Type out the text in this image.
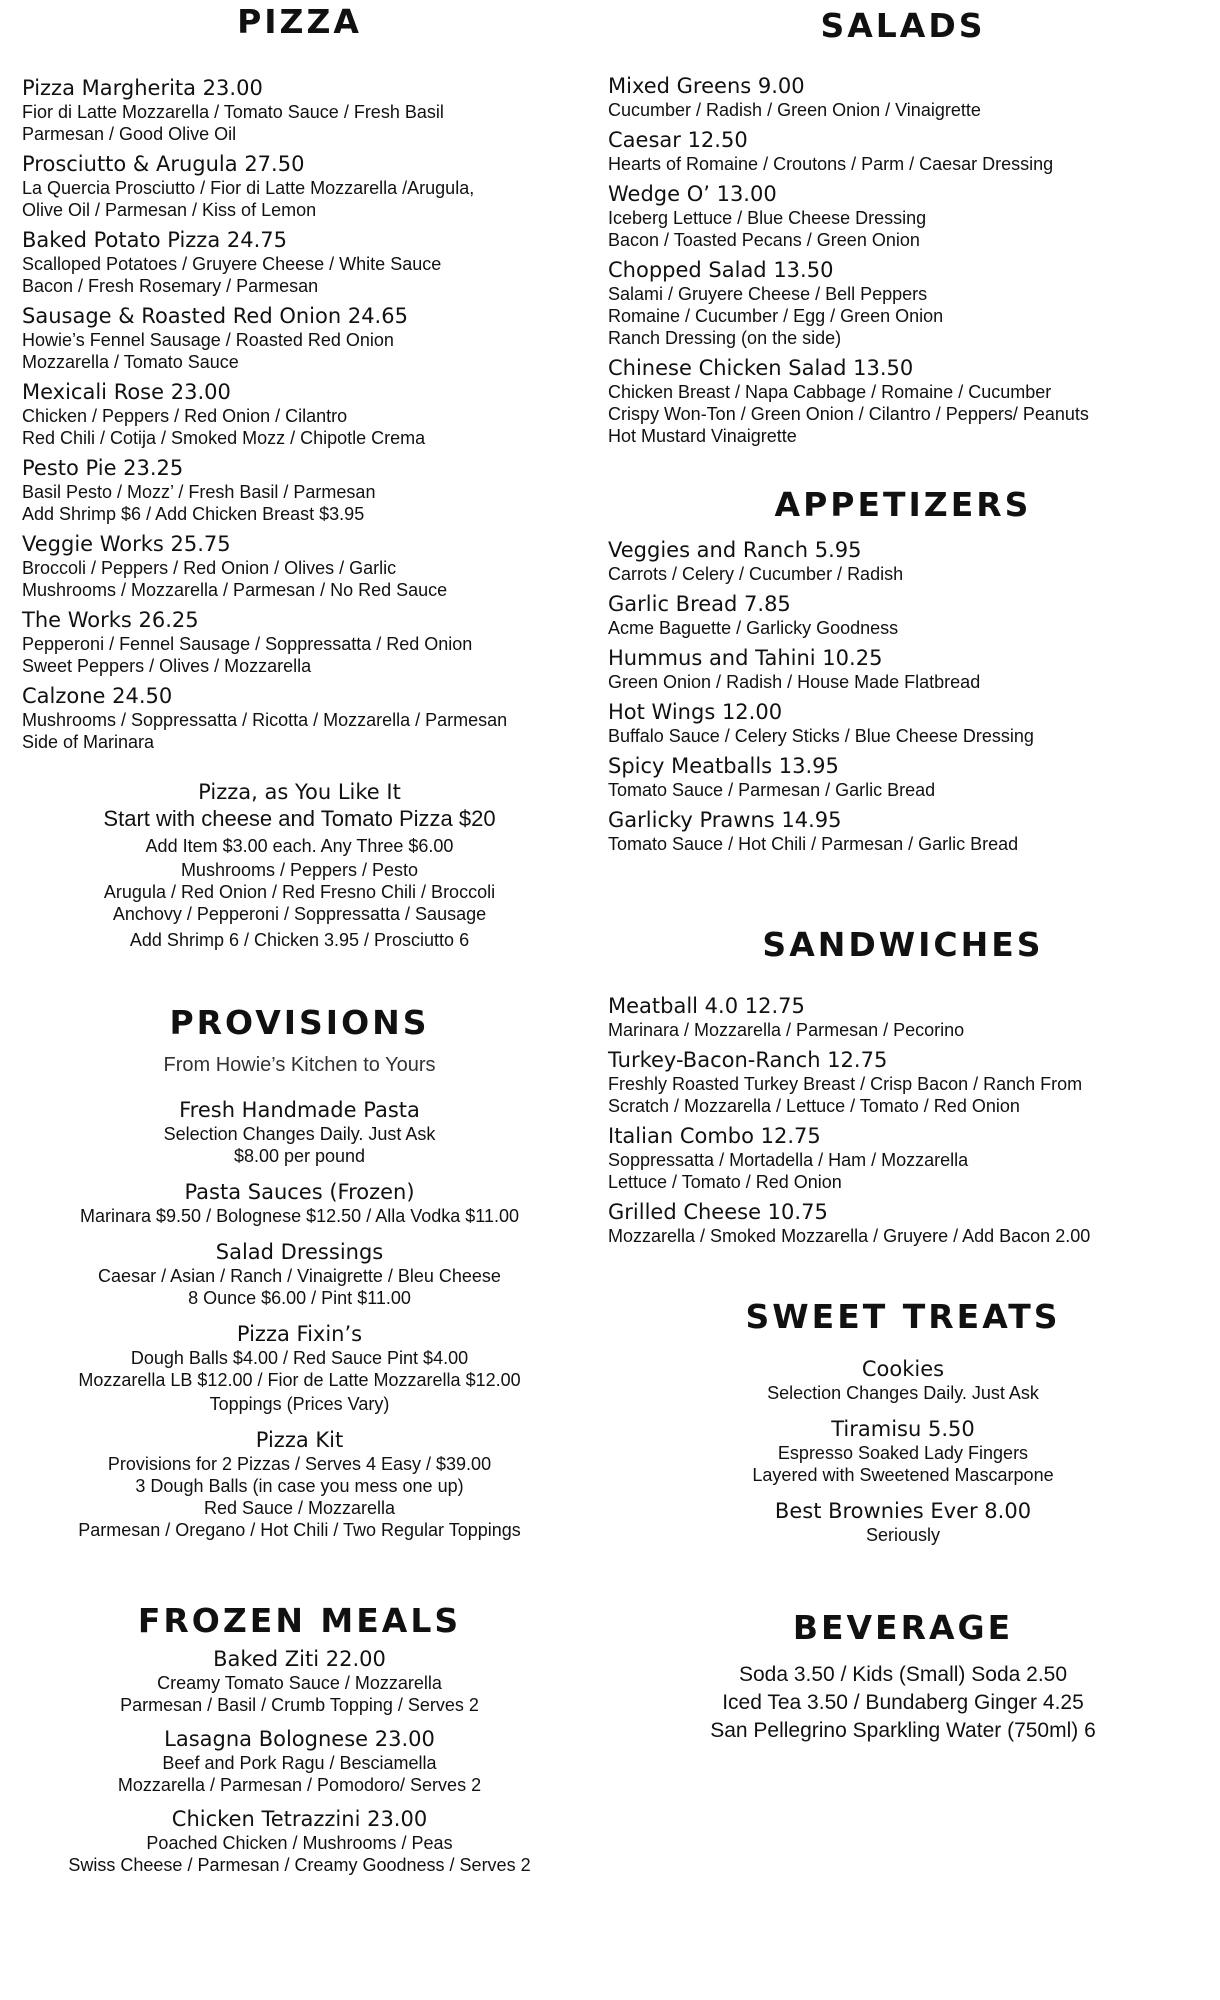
PIZZA
Pizza Margherita 23.00
Fior di Latte Mozzarella / Tomato Sauce / Fresh Basil
Parmesan / Good Olive Oil
Prosciutto & Arugula 27.50
La Quercia Prosciutto / Fior di Latte Mozzarella /Arugula,
Olive Oil / Parmesan / Kiss of Lemon
Baked Potato Pizza 24.75
Scalloped Potatoes / Gruyere Cheese / White Sauce
Bacon / Fresh Rosemary / Parmesan
Sausage & Roasted Red Onion 24.65
Howie’s Fennel Sausage / Roasted Red Onion
Mozzarella / Tomato Sauce
Mexicali Rose 23.00
Chicken / Peppers / Red Onion / Cilantro
Red Chili / Cotija / Smoked Mozz / Chipotle Crema
Pesto Pie 23.25
Basil Pesto / Mozz’ / Fresh Basil / Parmesan
Add Shrimp $6 / Add Chicken Breast $3.95
Veggie Works 25.75
Broccoli / Peppers / Red Onion / Olives / Garlic
Mushrooms / Mozzarella / Parmesan / No Red Sauce
The Works 26.25
Pepperoni / Fennel Sausage / Soppressatta / Red Onion
Sweet Peppers / Olives / Mozzarella
Calzone 24.50
Mushrooms / Soppressatta / Ricotta / Mozzarella / Parmesan
Side of Marinara
Pizza, as You Like It
Start with cheese and Tomato Pizza $20
Add Item $3.00 each. Any Three $6.00
Mushrooms / Peppers / Pesto
Arugula / Red Onion / Red Fresno Chili / Broccoli
Anchovy / Pepperoni / Soppressatta / Sausage
Add Shrimp 6 / Chicken 3.95 / Prosciutto 6
PROVISIONS
From Howie’s Kitchen to Yours
Fresh Handmade Pasta
Selection Changes Daily. Just Ask
$8.00 per pound
Pasta Sauces (Frozen)
Marinara $9.50 / Bolognese $12.50 / Alla Vodka $11.00
Salad Dressings
Caesar / Asian / Ranch / Vinaigrette / Bleu Cheese
8 Ounce $6.00 / Pint $11.00
Pizza Fixin’s
Dough Balls $4.00 / Red Sauce Pint $4.00
Mozzarella LB $12.00 / Fior de Latte Mozzarella $12.00
Toppings (Prices Vary)
Pizza Kit
Provisions for 2 Pizzas / Serves 4 Easy / $39.00
3 Dough Balls (in case you mess one up)
Red Sauce / Mozzarella
Parmesan / Oregano / Hot Chili / Two Regular Toppings
FROZEN MEALS
Baked Ziti 22.00
Creamy Tomato Sauce / Mozzarella
Parmesan / Basil / Crumb Topping / Serves 2
Lasagna Bolognese 23.00
Beef and Pork Ragu / Besciamella
Mozzarella / Parmesan / Pomodoro/ Serves 2
Chicken Tetrazzini 23.00
Poached Chicken / Mushrooms / Peas
Swiss Cheese / Parmesan / Creamy Goodness / Serves 2
SALADS
Mixed Greens 9.00
Cucumber / Radish / Green Onion / Vinaigrette
Caesar 12.50
Hearts of Romaine / Croutons / Parm / Caesar Dressing
Wedge O’ 13.00
Iceberg Lettuce / Blue Cheese Dressing
Bacon / Toasted Pecans / Green Onion
Chopped Salad 13.50
Salami / Gruyere Cheese / Bell Peppers
Romaine / Cucumber / Egg / Green Onion
Ranch Dressing (on the side)
Chinese Chicken Salad 13.50
Chicken Breast / Napa Cabbage / Romaine / Cucumber
Crispy Won-Ton / Green Onion / Cilantro / Peppers/ Peanuts
Hot Mustard Vinaigrette
APPETIZERS
Veggies and Ranch 5.95
Carrots / Celery / Cucumber / Radish
Garlic Bread 7.85
Acme Baguette / Garlicky Goodness
Hummus and Tahini 10.25
Green Onion / Radish / House Made Flatbread
Hot Wings 12.00
Buffalo Sauce / Celery Sticks / Blue Cheese Dressing
Spicy Meatballs 13.95
Tomato Sauce / Parmesan / Garlic Bread
Garlicky Prawns 14.95
Tomato Sauce / Hot Chili / Parmesan / Garlic Bread
SANDWICHES
Meatball 4.0 12.75
Marinara / Mozzarella / Parmesan / Pecorino
Turkey-Bacon-Ranch 12.75
Freshly Roasted Turkey Breast / Crisp Bacon / Ranch From
Scratch / Mozzarella / Lettuce / Tomato / Red Onion
Italian Combo 12.75
Soppressatta / Mortadella / Ham / Mozzarella
Lettuce / Tomato / Red Onion
Grilled Cheese 10.75
Mozzarella / Smoked Mozzarella / Gruyere / Add Bacon 2.00
SWEET TREATS
Cookies
Selection Changes Daily. Just Ask
Tiramisu 5.50
Espresso Soaked Lady Fingers
Layered with Sweetened Mascarpone
Best Brownies Ever 8.00
Seriously
BEVERAGE
Soda 3.50 / Kids (Small) Soda 2.50
Iced Tea 3.50 / Bundaberg Ginger 4.25
San Pellegrino Sparkling Water (750ml) 6
